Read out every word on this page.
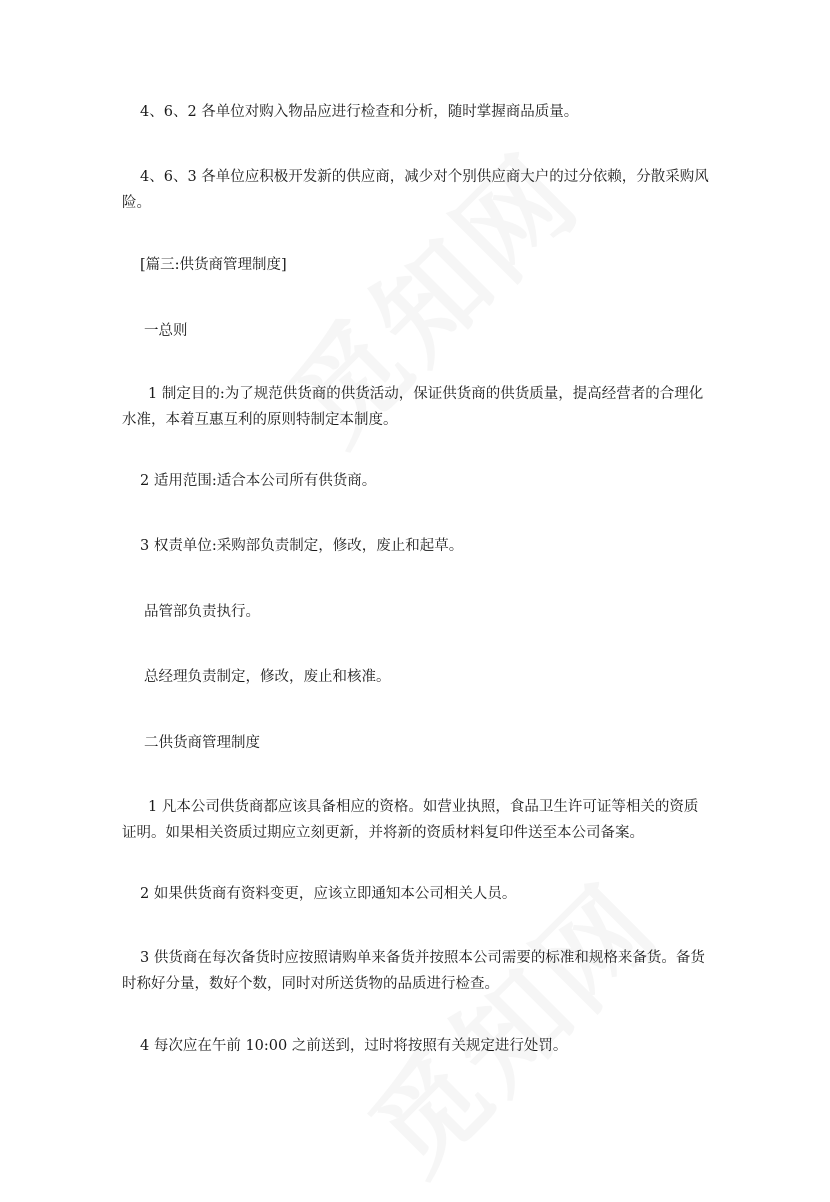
4、6、2 各单位对购入物品应进行检查和分析，随时掌握商品质量。

4、6、3 各单位应积极开发新的供应商，减少对个别供应商大户的过分依赖，分散采购风险。

[篇三:供货商管理制度]

一总则

1 制定目的:为了规范供货商的供货活动，保证供货商的供货质量，提高经营者的合理化水准，本着互惠互利的原则特制定本制度。

2 适用范围:适合本公司所有供货商。

3 权责单位:采购部负责制定，修改，废止和起草。

品管部负责执行。

总经理负责制定，修改，废止和核准。

二供货商管理制度

1 凡本公司供货商都应该具备相应的资格。如营业执照，食品卫生许可证等相关的资质证明。如果相关资质过期应立刻更新，并将新的资质材料复印件送至本公司备案。

2 如果供货商有资料变更，应该立即通知本公司相关人员。

3 供货商在每次备货时应按照请购单来备货并按照本公司需要的标准和规格来备货。备货时称好分量，数好个数，同时对所送货物的品质进行检查。

4 每次应在午前 10:00 之前送到，过时将按照有关规定进行处罚。
